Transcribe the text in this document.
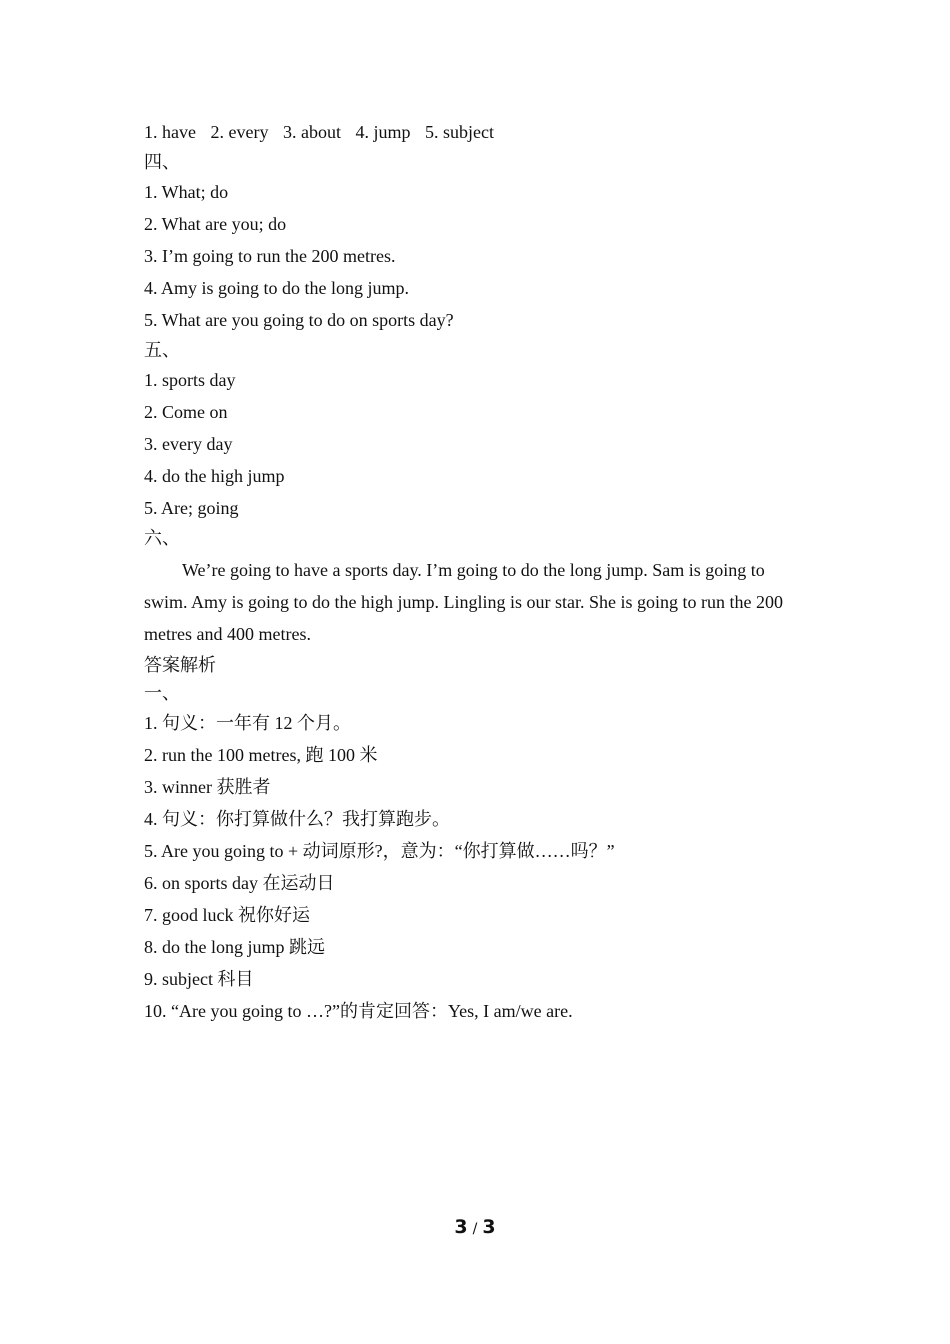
1. have 2. every 3. about 4. jump 5. subject
四、
1. What; do
2. What are you; do
3. I’m going to run the 200 metres.
4. Amy is going to do the long jump.
5. What are you going to do on sports day?
五、
1. sports day
2. Come on
3. every day
4. do the high jump
5. Are; going
六、
We’re going to have a sports day. I’m going to do the long jump. Sam is going to swim. Amy is going to do the high jump. Lingling is our star. She is going to run the 200 metres and 400 metres.
答案解析
一、
1. 句义：一年有 12 个月。
2. run the 100 metres, 跑 100 米
3. winner 获胜者
4. 句义：你打算做什么？我打算跑步。
5. Are you going to + 动词原形?，意为：“你打算做……吗？”
6. on sports day 在运动日
7. good luck 祝你好运
8. do the long jump 跳远
9. subject 科目
10. “Are you going to …?”的肯定回答：Yes, I am/we are.
3 / 3
